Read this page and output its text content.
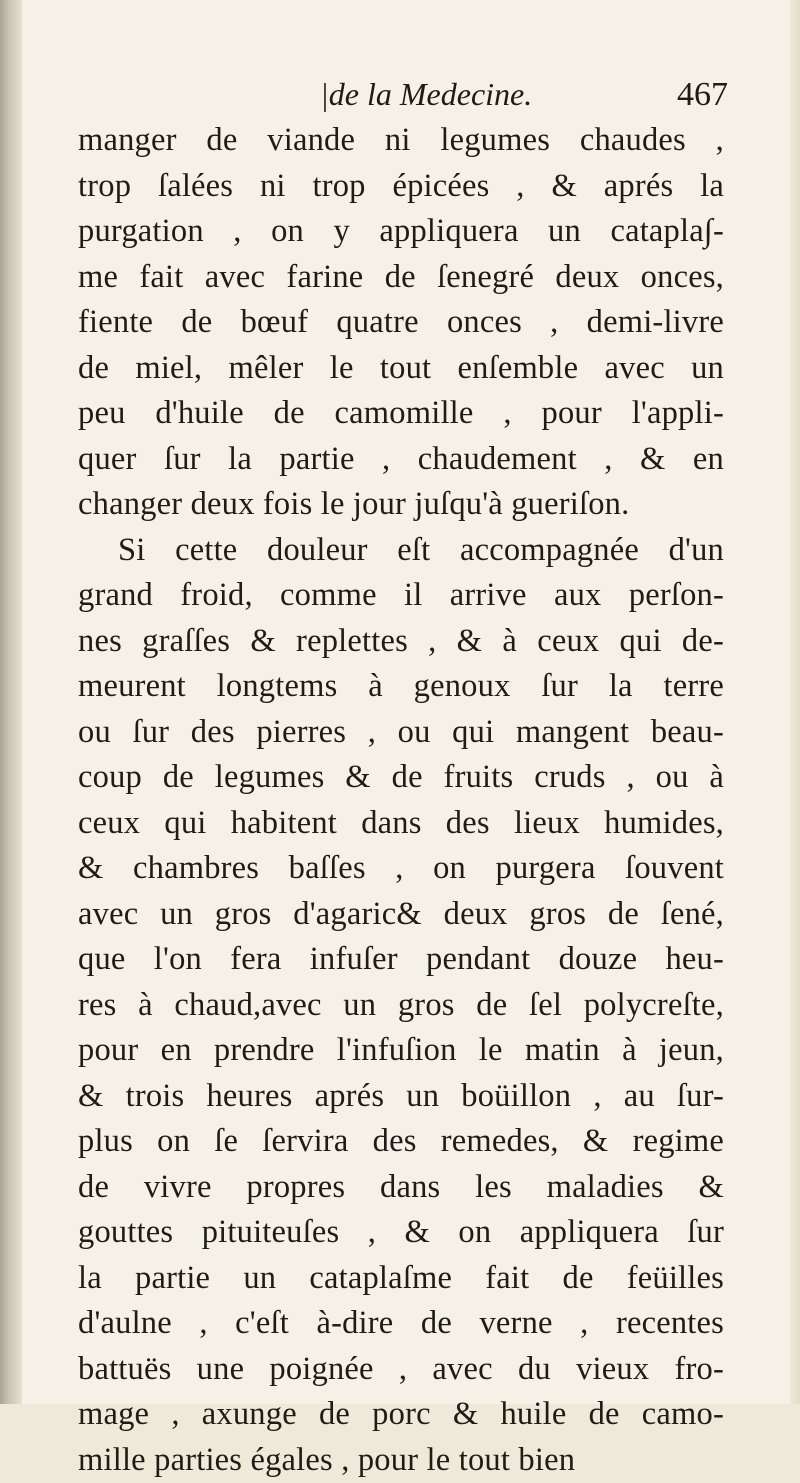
|de la Medecine.	467
manger de viande ni legumes chaudes ,
trop ſalées ni trop épicées , & aprés la
purgation , on y appliquera un catapla∫-
me fait avec farine de ſenegré deux onces,
fiente de bœuf quatre onces , demi-livre
de miel, mêler le tout enſemble avec un
peu d'huile de camomille , pour l'appli-
quer ſur la partie , chaudement , & en
changer deux fois le jour juſqu'à gueriſon.
Si cette douleur eſt accompagnée d'un
grand froid, comme il arrive aux perſon-
nes graſſes & replettes , & à ceux qui de-
meurent longtems à genoux ſur la terre
ou ſur des pierres , ou qui mangent beau-
coup de legumes & de fruits cruds , ou à
ceux qui habitent dans des lieux humides,
& chambres baſſes , on purgera ſouvent
avec un gros d'agaric& deux gros de ſené,
que l'on fera infuſer pendant douze heu-
res à chaud,avec un gros de ſel polycreſte,
pour en prendre l'infuſion le matin à jeun,
& trois heures aprés un boüillon , au ſur-
plus on ſe ſervira des remedes, & regime
de vivre propres dans les maladies &
gouttes pituiteuſes , & on appliquera ſur
la partie un cataplaſme fait de feüilles
d'aulne , c'eſt à-dire de verne , recentes
battuës une poignée , avec du vieux fro-
mage , axunge de porc & huile de camo-
mille parties égales , pour le tout bien
